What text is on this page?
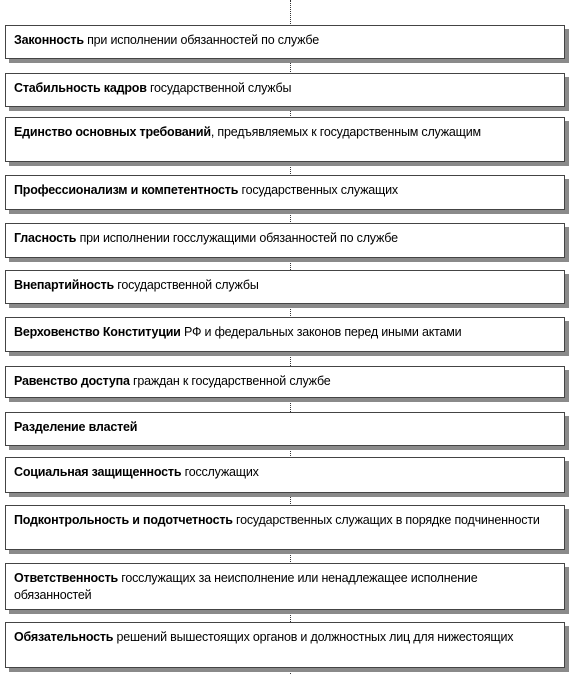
Законность при исполнении обязанностей по службе
Стабильность кадров государственной службы
Единство основных требований, предъявляемых к государственным служащим
Профессионализм и компетентность государственных служащих
Гласность при исполнении госслужащими обязанностей по службе
Внепартийность государственной службы
Верховенство Конституции РФ и федеральных законов перед иными актами
Равенство доступа граждан к государственной службе
Разделение властей
Социальная защищенность госслужащих
Подконтрольность и подотчетность государственных служащих в порядке подчиненности
Ответственность госслужащих за неисполнение или ненадлежащее исполнение обязанностей
Обязательность решений вышестоящих органов и должностных лиц для нижестоящих
